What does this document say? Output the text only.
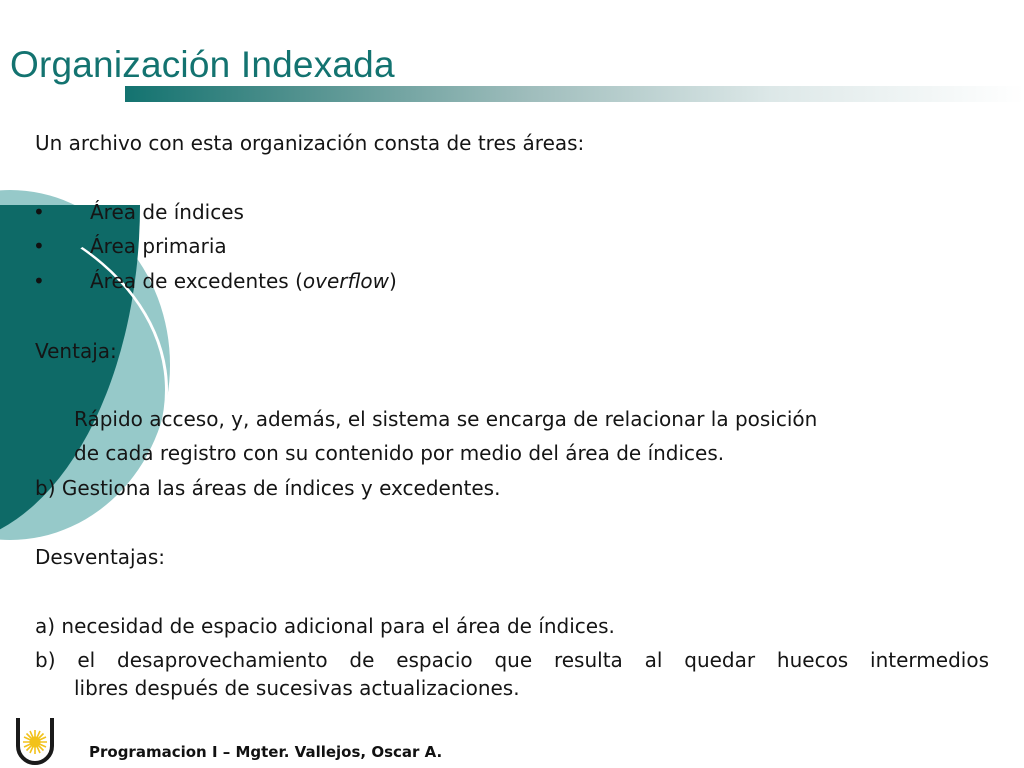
Organización Indexada
Un archivo con esta organización consta de tres áreas:
• Área de índices
• Área primaria
• Área de excedentes (overflow)
Ventaja:
Rápido acceso, y, además, el sistema se encarga de relacionar la posición
de cada registro con su contenido por medio del área de índices.
b) Gestiona las áreas de índices y excedentes.
Desventajas:
a) necesidad de espacio adicional para el área de índices.
b) el desaprovechamiento de espacio que resulta al quedar huecos intermedios
libres después de sucesivas actualizaciones.
Programacion I – Mgter. Vallejos, Oscar A.
